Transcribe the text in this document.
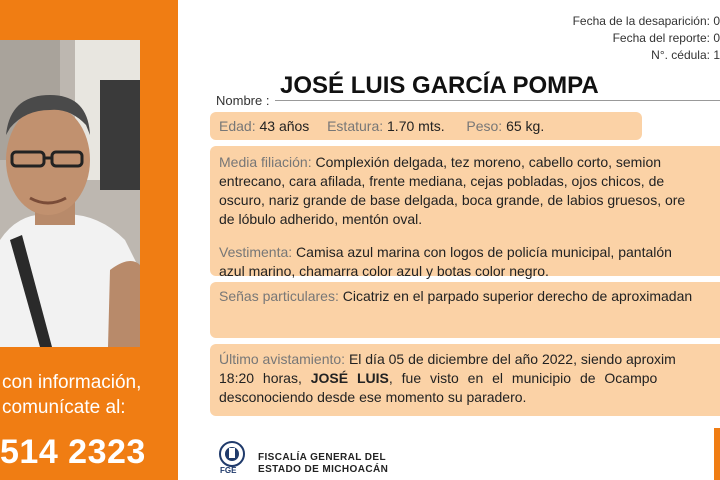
con información,
comunícate al:
514 2323
Fecha de la desaparición: 0
Fecha del reporte: 0
N°. cédula: 1
Nombre :
JOSÉ LUIS GARCÍA POMPA
Edad: 43 años Estatura: 1.70 mts. Peso: 65 kg.
Media filiación: Complexión delgada, tez moreno, cabello corto, semion
entrecano, cara afilada, frente mediana, cejas pobladas, ojos chicos, de
oscuro, nariz grande de base delgada, boca grande, de labios gruesos, ore
de lóbulo adherido, mentón oval.
Vestimenta: Camisa azul marina con logos de policía municipal, pantalón
azul marino, chamarra color azul y botas color negro.
Señas particulares: Cicatriz en el parpado superior derecho de aproximadan
Último avistamiento: El día 05 de diciembre del año 2022, siendo aproxim
18:20 horas, JOSÉ LUIS, fue visto en el municipio de Ocampo
desconociendo desde ese momento su paradero.
FGE
FISCALÍA GENERAL DEL
ESTADO DE MICHOACÁN
